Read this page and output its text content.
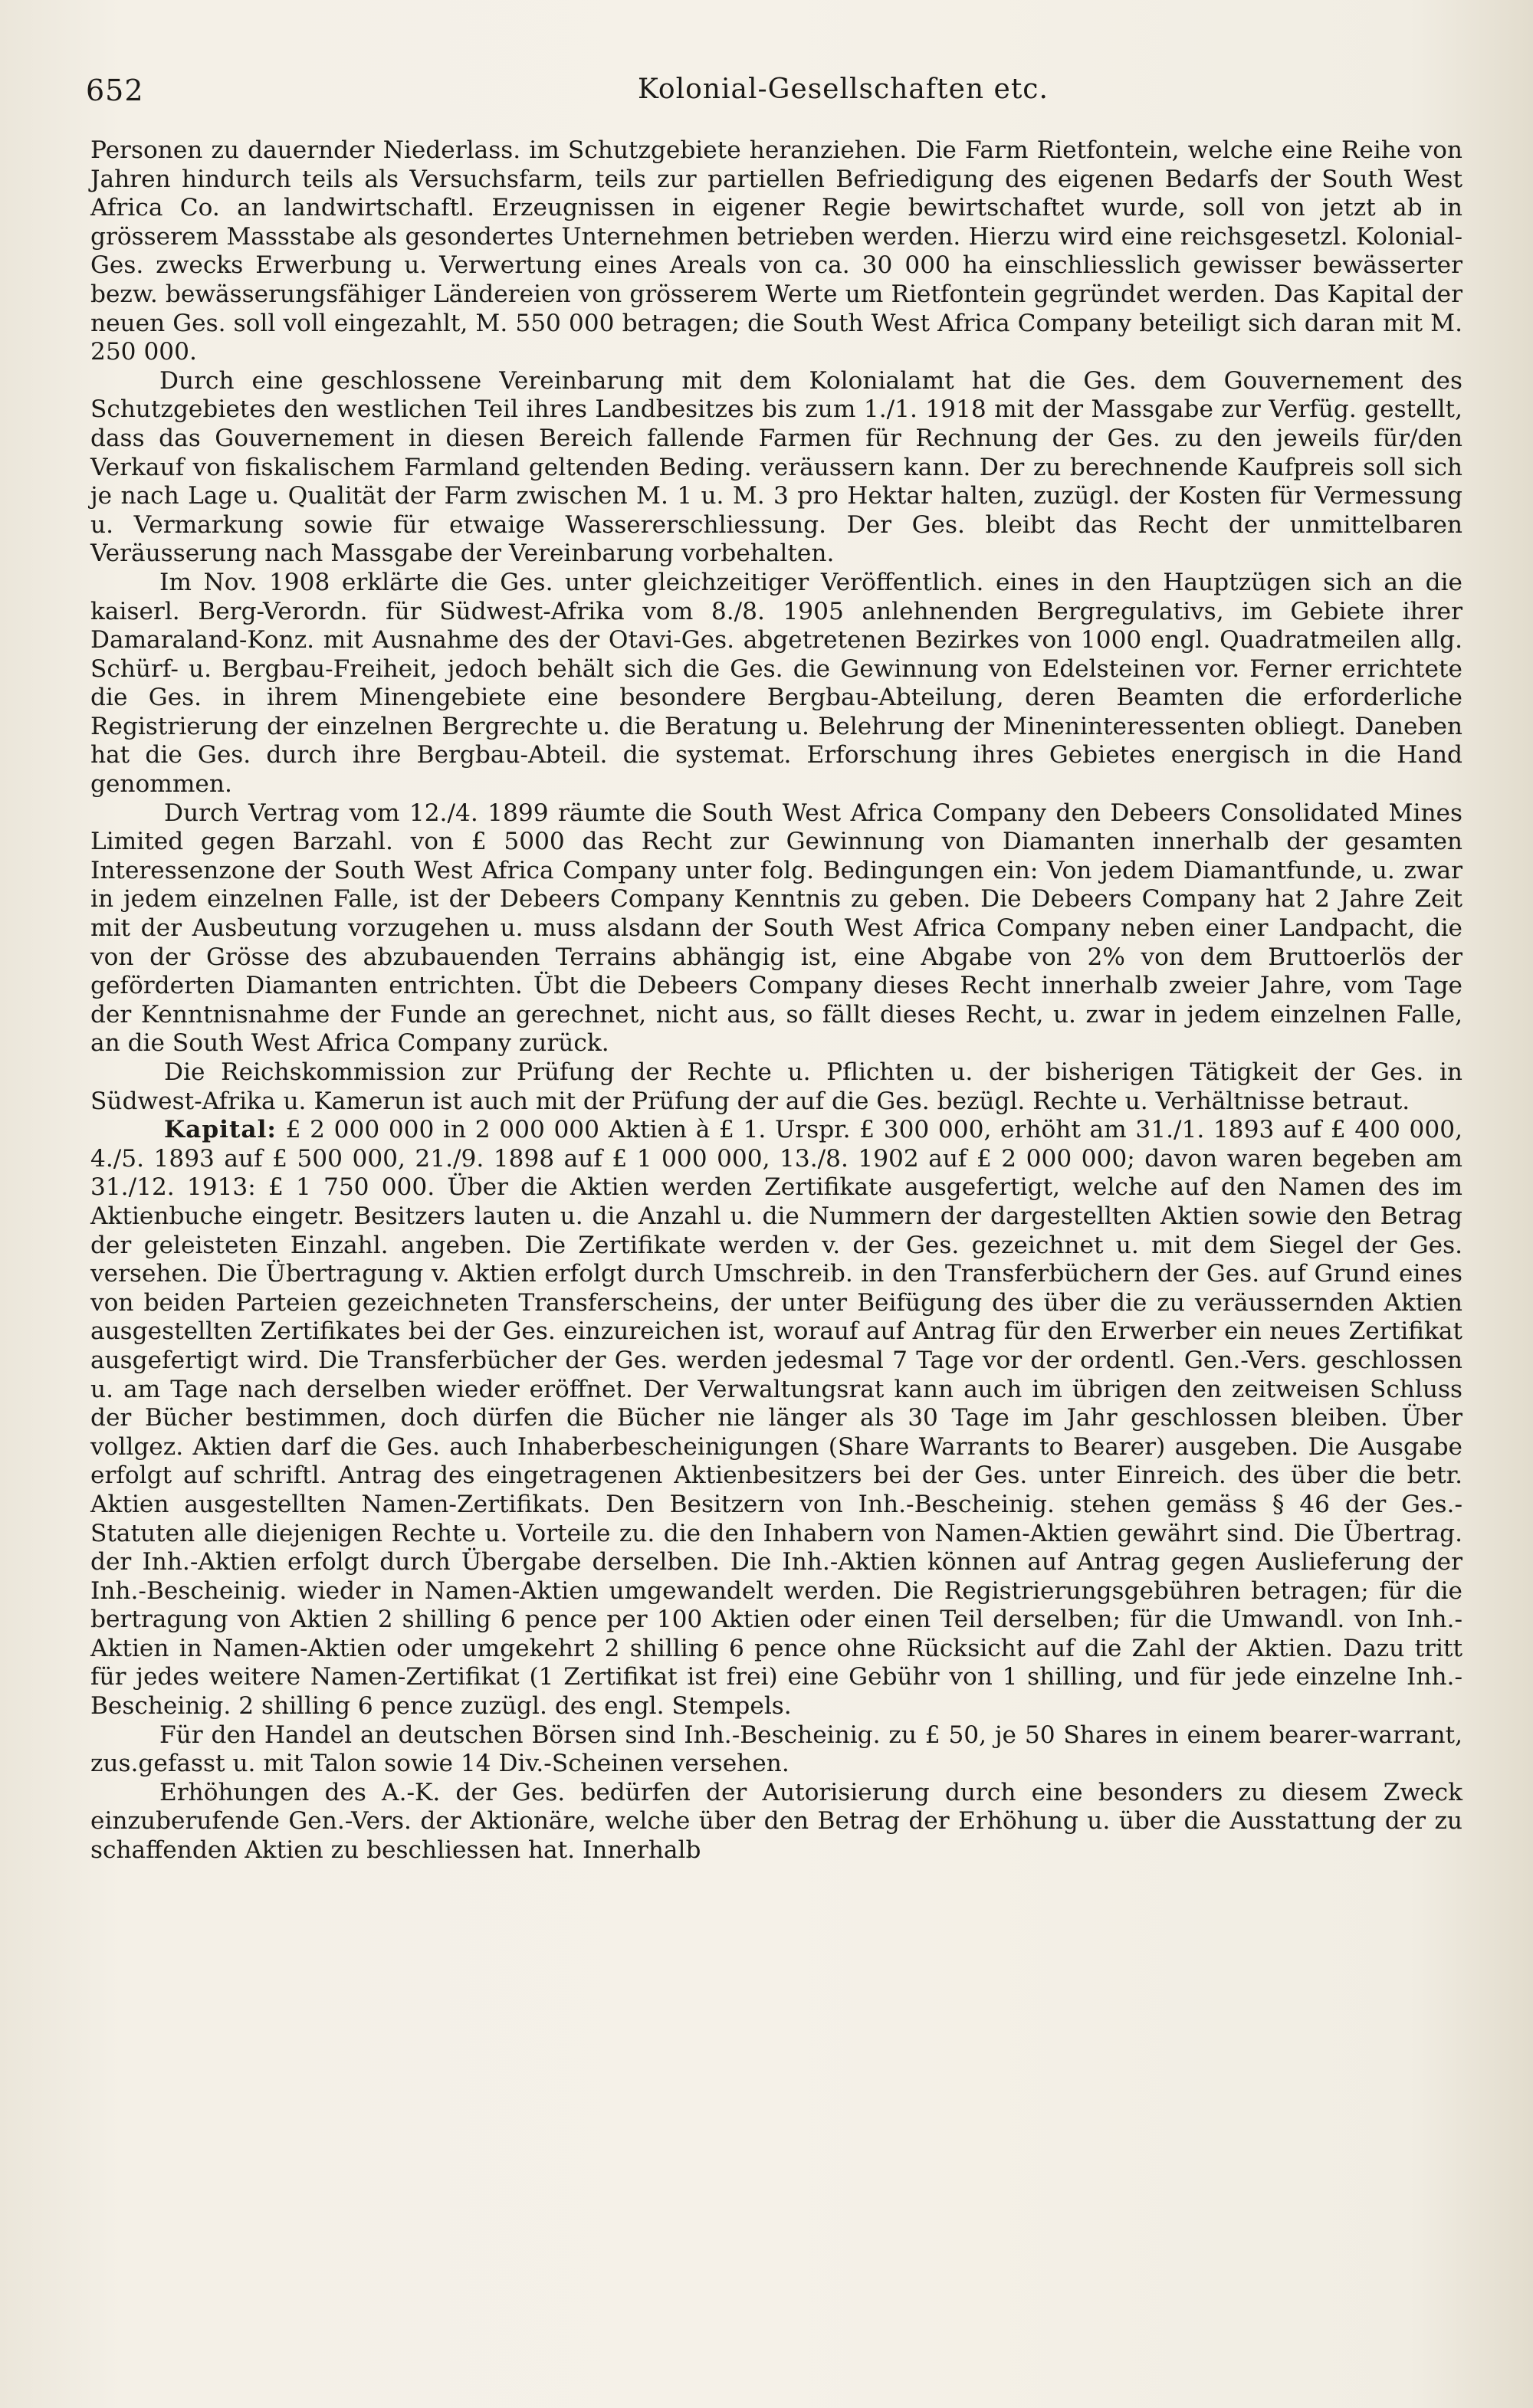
652	Kolonial-Gesellschaften etc.

Personen zu dauernder Niederlass. im Schutzgebiete heranziehen. Die Farm Rietfontein, welche eine Reihe von Jahren hindurch teils als Versuchsfarm, teils zur partiellen Befriedigung des eigenen Bedarfs der South West Africa Co. an landwirtschaftl. Erzeugnissen in eigener Regie bewirtschaftet wurde, soll von jetzt ab in grösserem Massstabe als gesondertes Unternehmen betrieben werden. Hierzu wird eine reichsgesetzl. Kolonial-Ges. zwecks Erwerbung u. Verwertung eines Areals von ca. 30 000 ha einschliesslich gewisser bewässerter bezw. bewässerungsfähiger Ländereien von grösserem Werte um Rietfontein gegründet werden. Das Kapital der neuen Ges. soll voll eingezahlt, M. 550 000 betragen; die South West Africa Company beteiligt sich daran mit M. 250 000.

Durch eine geschlossene Vereinbarung mit dem Kolonialamt hat die Ges. dem Gouvernement des Schutzgebietes den westlichen Teil ihres Landbesitzes bis zum 1./1. 1918 mit der Massgabe zur Verfüg. gestellt, dass das Gouvernement in diesen Bereich fallende Farmen für Rechnung der Ges. zu den jeweils für/den Verkauf von fiskalischem Farmland geltenden Beding. veräussern kann. Der zu berechnende Kaufpreis soll sich je nach Lage u. Qualität der Farm zwischen M. 1 u. M. 3 pro Hektar halten, zuzügl. der Kosten für Vermessung u. Vermarkung sowie für etwaige Wassererschliessung. Der Ges. bleibt das Recht der unmittelbaren Veräusserung nach Massgabe der Vereinbarung vorbehalten.

Im Nov. 1908 erklärte die Ges. unter gleichzeitiger Veröffentlich. eines in den Hauptzügen sich an die kaiserl. Berg-Verordn. für Südwest-Afrika vom 8./8. 1905 anlehnenden Bergregulativs, im Gebiete ihrer Damaraland-Konz. mit Ausnahme des der Otavi-Ges. abgetretenen Bezirkes von 1000 engl. Quadratmeilen allg. Schürf- u. Bergbau-Freiheit, jedoch behält sich die Ges. die Gewinnung von Edelsteinen vor. Ferner errichtete die Ges. in ihrem Minengebiete eine besondere Bergbau-Abteilung, deren Beamten die erforderliche Registrierung der einzelnen Bergrechte u. die Beratung u. Belehrung der Mineninteressenten obliegt. Daneben hat die Ges. durch ihre Bergbau-Abteil. die systemat. Erforschung ihres Gebietes energisch in die Hand genommen.

Durch Vertrag vom 12./4. 1899 räumte die South West Africa Company den Debeers Consolidated Mines Limited gegen Barzahl. von £ 5000 das Recht zur Gewinnung von Diamanten innerhalb der gesamten Interessenzone der South West Africa Company unter folg. Bedingungen ein: Von jedem Diamantfunde, u. zwar in jedem einzelnen Falle, ist der Debeers Company Kenntnis zu geben. Die Debeers Company hat 2 Jahre Zeit mit der Ausbeutung vorzugehen u. muss alsdann der South West Africa Company neben einer Landpacht, die von der Grösse des abzubauenden Terrains abhängig ist, eine Abgabe von 2% von dem Bruttoerlös der geförderten Diamanten entrichten. Übt die Debeers Company dieses Recht innerhalb zweier Jahre, vom Tage der Kenntnisnahme der Funde an gerechnet, nicht aus, so fällt dieses Recht, u. zwar in jedem einzelnen Falle, an die South West Africa Company zurück.

Die Reichskommission zur Prüfung der Rechte u. Pflichten u. der bisherigen Tätigkeit der Ges. in Südwest-Afrika u. Kamerun ist auch mit der Prüfung der auf die Ges. bezügl. Rechte u. Verhältnisse betraut.

Kapital: £ 2 000 000 in 2 000 000 Aktien à £ 1. Urspr. £ 300 000, erhöht am 31./1. 1893 auf £ 400 000, 4./5. 1893 auf £ 500 000, 21./9. 1898 auf £ 1 000 000, 13./8. 1902 auf £ 2 000 000; davon waren begeben am 31./12. 1913: £ 1 750 000. Über die Aktien werden Zertifikate ausgefertigt, welche auf den Namen des im Aktienbuche eingetr. Besitzers lauten u. die Anzahl u. die Nummern der dargestellten Aktien sowie den Betrag der geleisteten Einzahl. angeben. Die Zertifikate werden v. der Ges. gezeichnet u. mit dem Siegel der Ges. versehen. Die Übertragung v. Aktien erfolgt durch Umschreib. in den Transferbüchern der Ges. auf Grund eines von beiden Parteien gezeichneten Transferscheins, der unter Beifügung des über die zu veräussernden Aktien ausgestellten Zertifikates bei der Ges. einzureichen ist, worauf auf Antrag für den Erwerber ein neues Zertifikat ausgefertigt wird. Die Transferbücher der Ges. werden jedesmal 7 Tage vor der ordentl. Gen.-Vers. geschlossen u. am Tage nach derselben wieder eröffnet. Der Verwaltungsrat kann auch im übrigen den zeitweisen Schluss der Bücher bestimmen, doch dürfen die Bücher nie länger als 30 Tage im Jahr geschlossen bleiben. Über vollgez. Aktien darf die Ges. auch Inhaberbescheinigungen (Share Warrants to Bearer) ausgeben. Die Ausgabe erfolgt auf schriftl. Antrag des eingetragenen Aktienbesitzers bei der Ges. unter Einreich. des über die betr. Aktien ausgestellten Namen-Zertifikats. Den Besitzern von Inh.-Bescheinig. stehen gemäss § 46 der Ges.-Statuten alle diejenigen Rechte u. Vorteile zu. die den Inhabern von Namen-Aktien gewährt sind. Die Übertrag. der Inh.-Aktien erfolgt durch Übergabe derselben. Die Inh.-Aktien können auf Antrag gegen Auslieferung der Inh.-Bescheinig. wieder in Namen-Aktien umgewandelt werden. Die Registrierungsgebühren betragen; für die bertragung von Aktien 2 shilling 6 pence per 100 Aktien oder einen Teil derselben; für die Umwandl. von Inh.-Aktien in Namen-Aktien oder umgekehrt 2 shilling 6 pence ohne Rücksicht auf die Zahl der Aktien. Dazu tritt für jedes weitere Namen-Zertifikat (1 Zertifikat ist frei) eine Gebühr von 1 shilling, und für jede einzelne Inh.-Bescheinig. 2 shilling 6 pence zuzügl. des engl. Stempels.

Für den Handel an deutschen Börsen sind Inh.-Bescheinig. zu £ 50, je 50 Shares in einem bearer-warrant, zus.gefasst u. mit Talon sowie 14 Div.-Scheinen versehen.

Erhöhungen des A.-K. der Ges. bedürfen der Autorisierung durch eine besonders zu diesem Zweck einzuberufende Gen.-Vers. der Aktionäre, welche über den Betrag der Erhöhung u. über die Ausstattung der zu schaffenden Aktien zu beschliessen hat. Innerhalb
